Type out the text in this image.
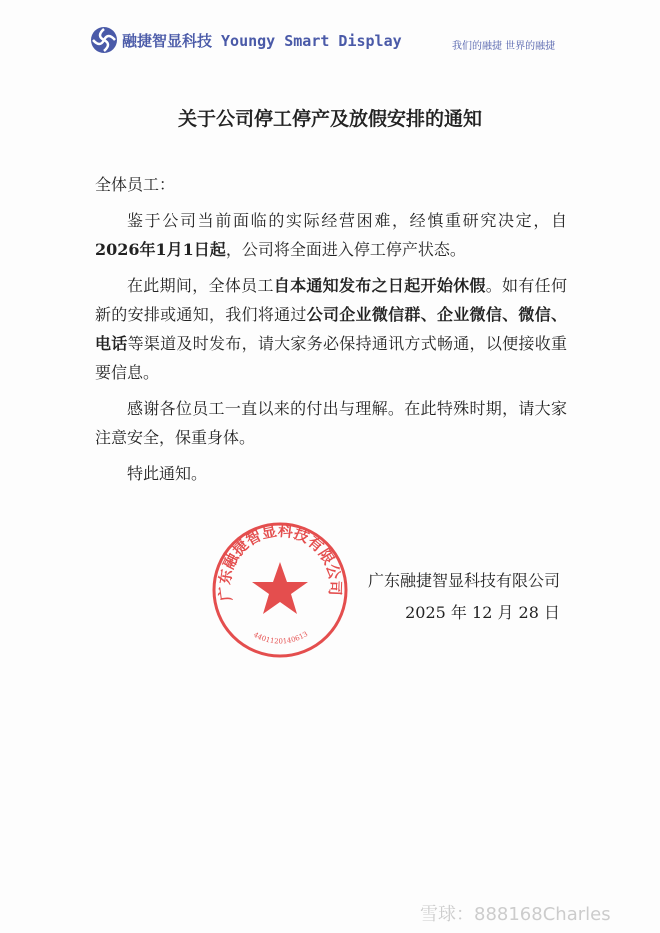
融捷智显科技 Youngy Smart Display	我们的融捷 世界的融捷
关于公司停工停产及放假安排的通知

全体员工：

鉴于公司当前面临的实际经营困难，经慎重研究决定，自 2026年1月1日起，公司将全面进入停工停产状态。

在此期间，全体员工自本通知发布之日起开始休假。如有任何新的安排或通知，我们将通过公司企业微信群、企业微信、微信、电话等渠道及时发布，请大家务必保持通讯方式畅通，以便接收重要信息。

感谢各位员工一直以来的付出与理解。在此特殊时期，请大家注意安全，保重身体。

特此通知。

广东融捷智显科技有限公司
4401120140613
广东融捷智显科技有限公司
2025 年 12 月 28 日
雪球：888168Charles
